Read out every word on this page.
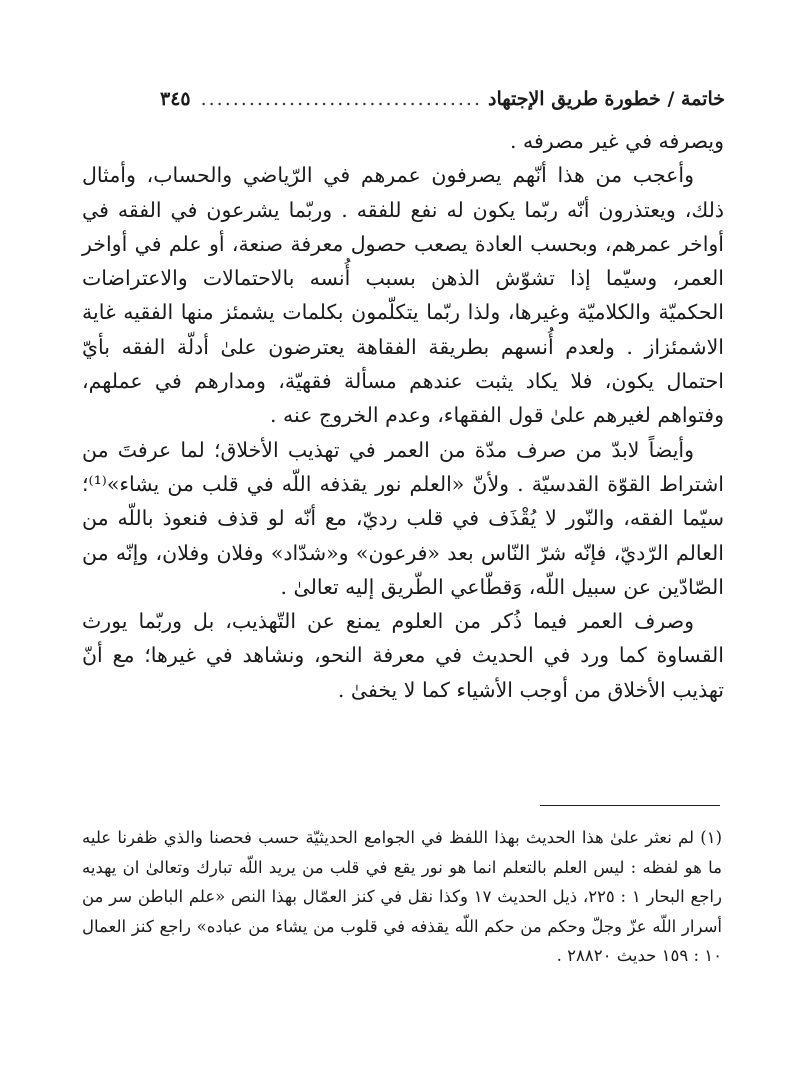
خاتمة / خطورة طريق الإجتهاد
...................................
٣٤٥

ويصرفه في غير مصرفه .

وأعجب من هذا أنّهم يصرفون عمرهم في الرّياضي والحساب، وأمثال ذلك، ويعتذرون أنّه ربّما يكون له نفع للفقه . وربّما يشرعون في الفقه في أواخر عمرهم، وبحسب العادة يصعب حصول معرفة صنعة، أو علم في أواخر العمر، وسيّما إذا تشوّش الذهن بسبب أُنسه بالاحتمالات والاعتراضات الحكميّة والكلاميّة وغيرها، ولذا ربّما يتكلّمون بكلمات يشمئز منها الفقيه غاية الاشمئزاز . ولعدم أُنسهم بطريقة الفقاهة يعترضون علىٰ أدلّة الفقه بأيّ احتمال يكون، فلا يكاد يثبت عندهم مسألة فقهيّة، ومدارهم في عملهم، وفتواهم لغيرهم علىٰ قول الفقهاء، وعدم الخروج عنه .

وأيضاً لابدّ من صرف مدّة من العمر في تهذيب الأخلاق؛ لما عرفتَ من اشتراط القوّة القدسيّة . ولأنّ «العلم نور يقذفه اللّه في قلب من يشاء»⁽¹⁾؛ سيّما الفقه، والنّور لا يُقْذَف في قلب رديّ، مع أنّه لو قذف فنعوذ باللّه من العالم الرّديّ، فإنّه شرّ النّاس بعد «فرعون» و«شدّاد» وفلان وفلان، وإنّه من الصّادّين عن سبيل اللّه، وَقطّاعي الطّريق إليه تعالىٰ .

وصرف العمر فيما ذُكر من العلوم يمنع عن التّهذيب، بل وربّما يورث القساوة كما ورد في الحديث في معرفة النحو، ونشاهد في غيرها؛ مع أنّ تهذيب الأخلاق من أوجب الأشياء كما لا يخفىٰ .

(١) لم نعثر علىٰ هذا الحديث بهذا اللفظ في الجوامع الحديثيّة حسب فحصنا والذي ظفرنا عليه ما هو لفظه : ليس العلم بالتعلم انما هو نور يقع في قلب من يريد اللّه تبارك وتعالىٰ ان يهديه راجع البحار ١ : ٢٢٥، ذيل الحديث ١٧ وكذا نقل في كنز العمّال بهذا النص «علم الباطن سر من أسرار اللّه عزّ وجلّ وحكم من حكم اللّه يقذفه في قلوب من يشاء من عباده» راجع كنز العمال ١٠ : ١٥٩ حديث ٢٨٨٢٠ .
